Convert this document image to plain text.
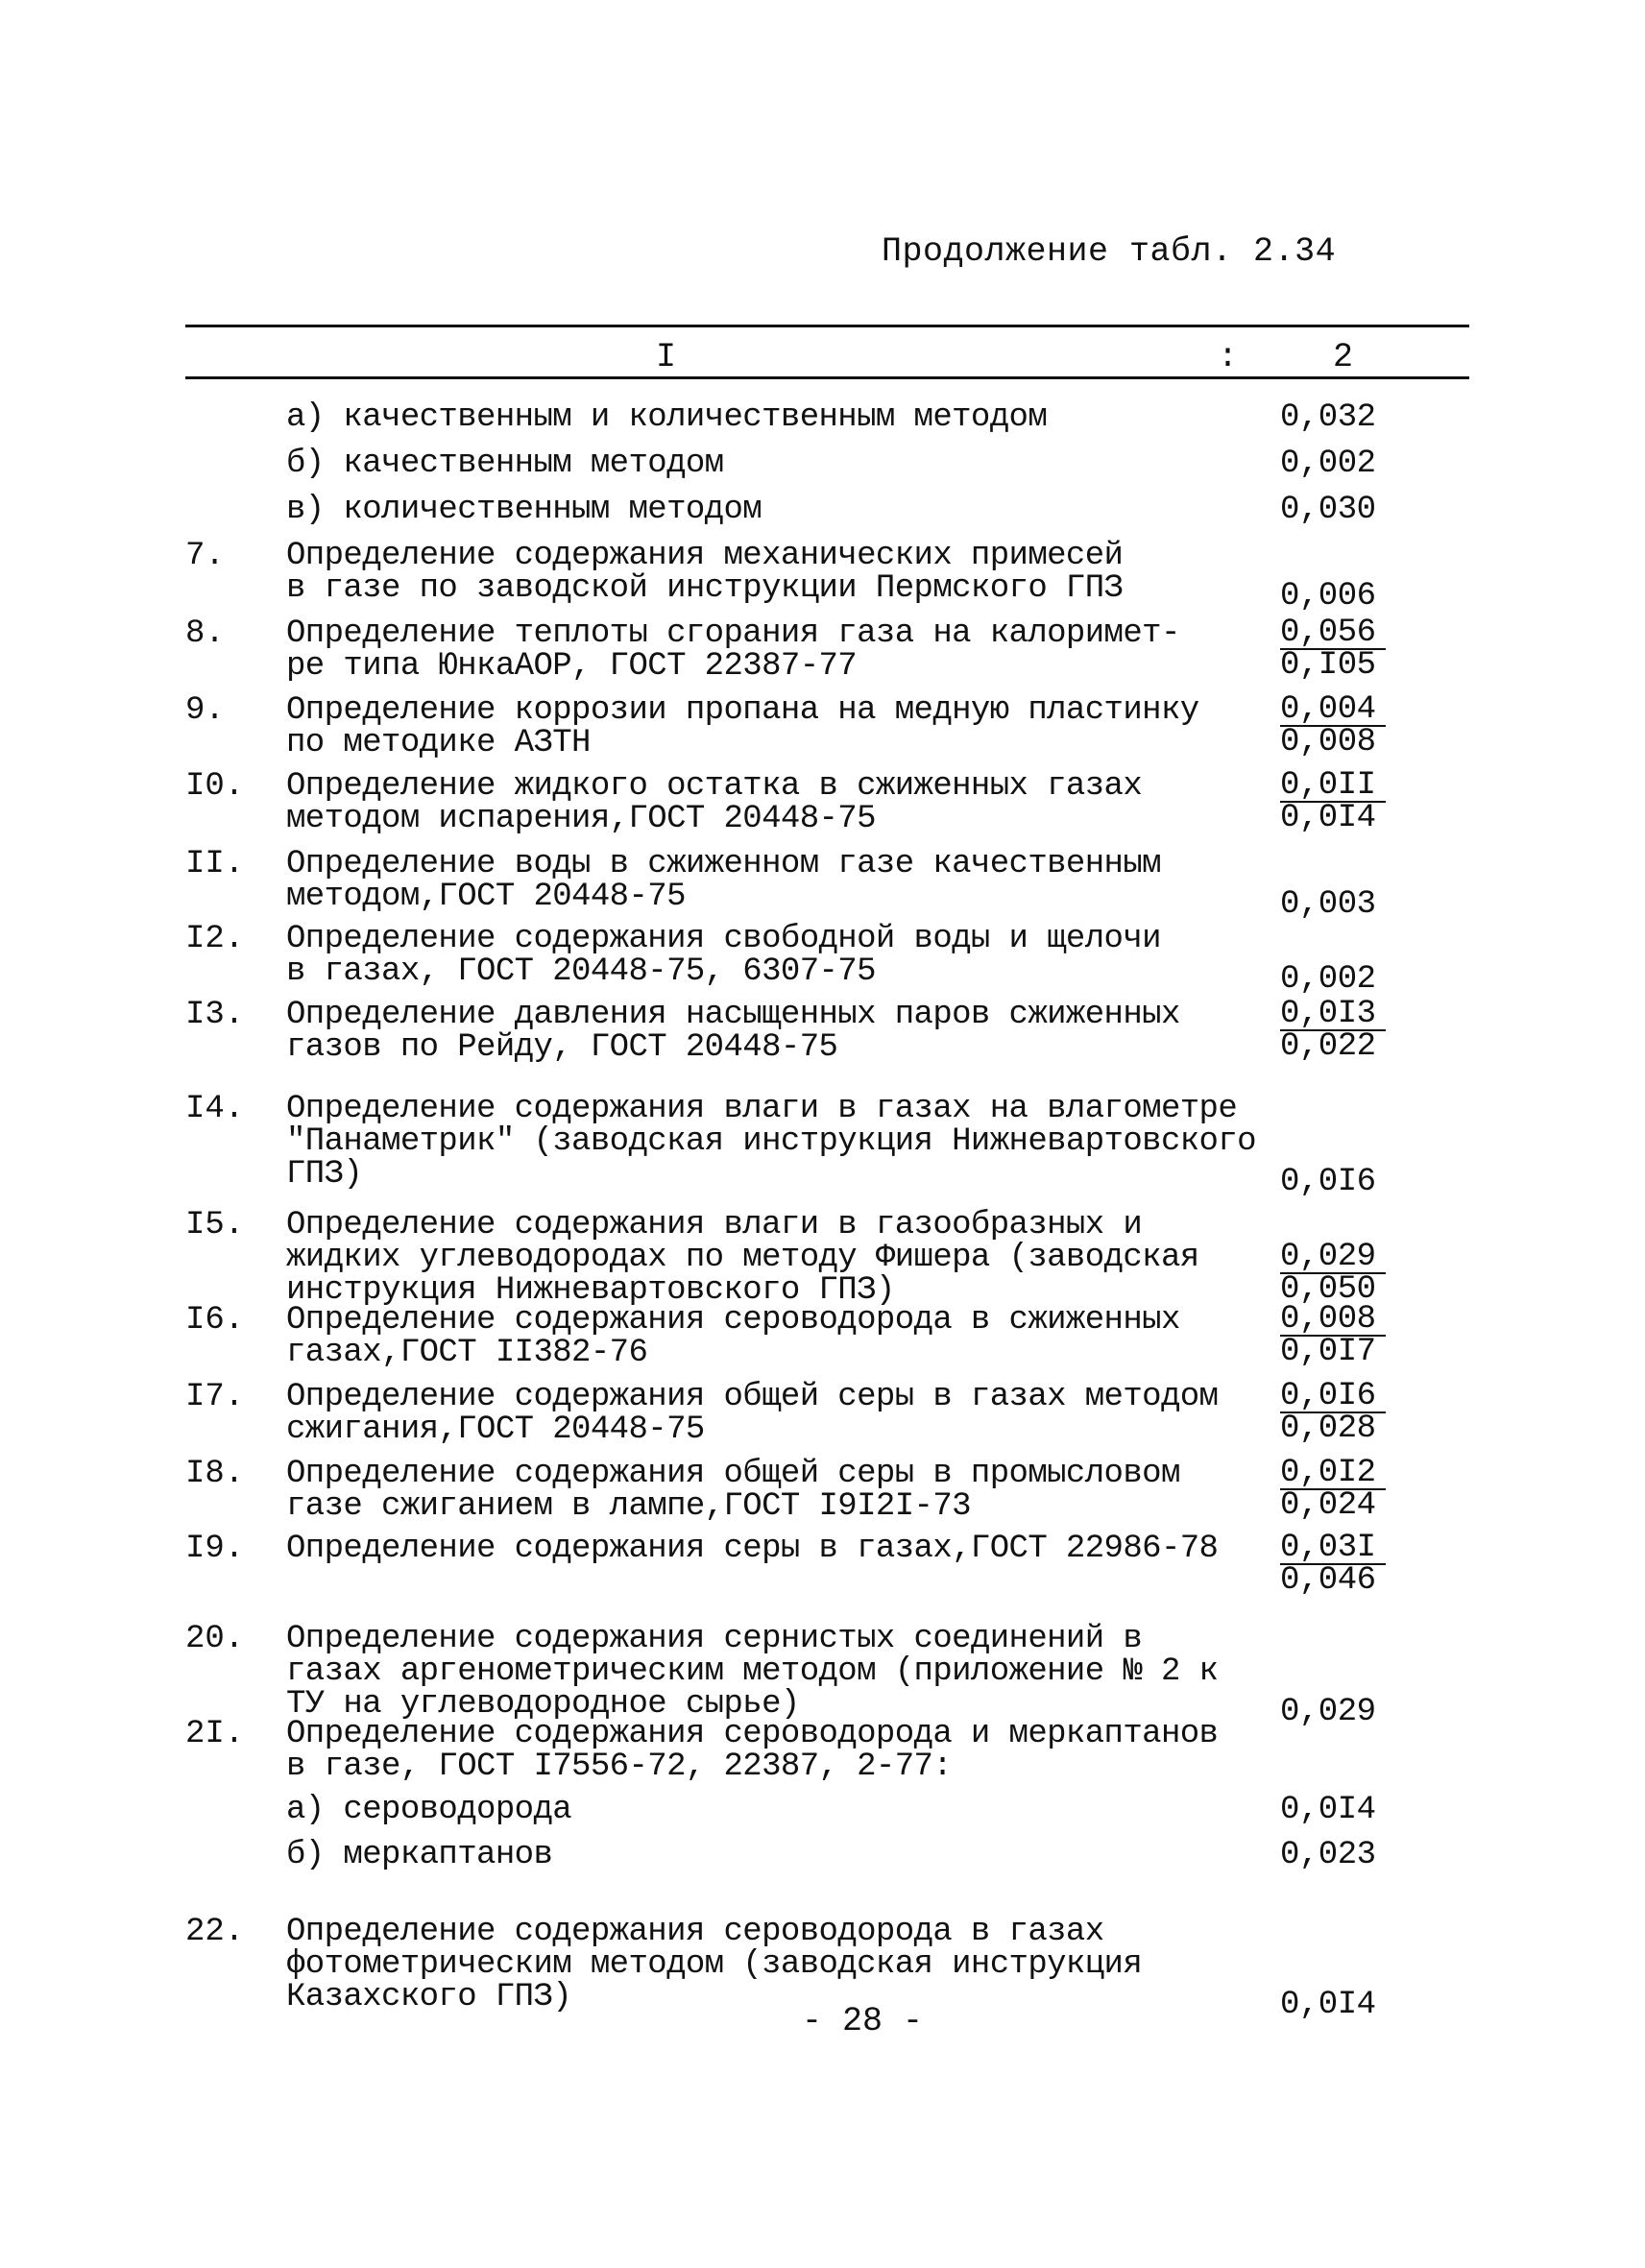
Продолжение табл. 2.34
I	:	2
а) качественным и количественным методом	0,032
б) качественным методом	0,002
в) количественным методом	0,030
7. Определение содержания механических примесей
в газе по заводской инструкции Пермского ГПЗ	0,006
8. Определение теплоты сгорания газа на калоримет-
ре типа ЮнкаАОР, ГОСТ 22387-77	$\frac{0,056}{0,I05}$
9. Определение коррозии пропана на медную пластинку
по методике АЗТН	$\frac{0,004}{0,008}$
I0. Определение жидкого остатка в сжиженных газах
методом испарения,ГОСТ 20448-75	$\frac{0,0II}{0,0I4}$
II. Определение воды в сжиженном газе качественным
методом,ГОСТ 20448-75	0,003
I2. Определение содержания свободной воды и щелочи
в газах, ГОСТ 20448-75, 6307-75	0,002
I3. Определение давления насыщенных паров сжиженных
газов по Рейду, ГОСТ 20448-75	$\frac{0,0I3}{0,022}$
I4. Определение содержания влаги в газах на влагометре
"Панаметрик" (заводская инструкция Нижневартовского
ГПЗ)	0,0I6
I5. Определение содержания влаги в газообразных и
жидких углеводородах по методу Фишера (заводская
инструкция Нижневартовского ГПЗ)	$\frac{0,029}{0,050}$
I6. Определение содержания сероводорода в сжиженных
газах,ГОСТ II382-76	$\frac{0,008}{0,0I7}$
I7. Определение содержания общей серы в газах методом
сжигания,ГОСТ 20448-75	$\frac{0,0I6}{0,028}$
I8. Определение содержания общей серы в промысловом
газе сжиганием в лампе,ГОСТ I9I2I-73	$\frac{0,0I2}{0,024}$
I9. Определение содержания серы в газах,ГОСТ 22986-78	$\frac{0,03I}{0,046}$
20. Определение содержания сернистых соединений в
газах аргенометрическим методом (приложение № 2 к
ТУ на углеводородное сырье)	0,029
2I. Определение содержания сероводорода и меркаптанов
в газе, ГОСТ I7556-72, 22387, 2-77:
а) сероводорода	0,0I4
б) меркаптанов	0,023
22. Определение содержания сероводорода в газах
фотометрическим методом (заводская инструкция
Казахского ГПЗ)	0,0I4
- 28 -
